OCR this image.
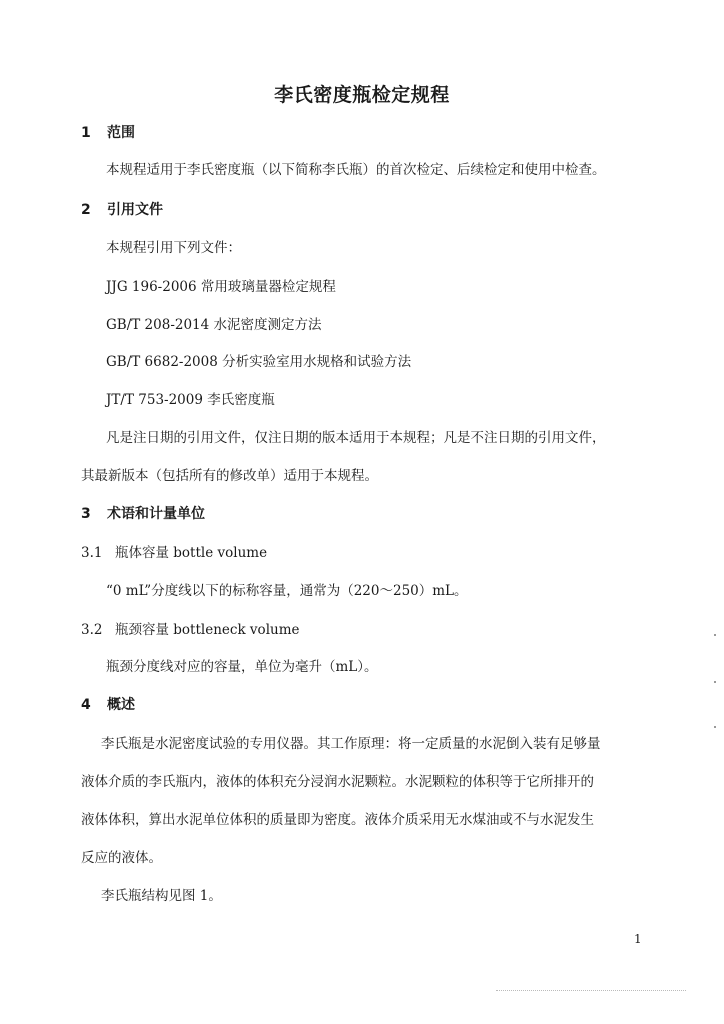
李氏密度瓶检定规程
1 范围
本规程适用于李氏密度瓶（以下简称李氏瓶）的首次检定、后续检定和使用中检查。
2 引用文件
本规程引用下列文件：
JJG 196-2006 常用玻璃量器检定规程
GB/T 208-2014 水泥密度测定方法
GB/T 6682-2008 分析实验室用水规格和试验方法
JT/T 753-2009 李氏密度瓶
凡是注日期的引用文件，仅注日期的版本适用于本规程；凡是不注日期的引用文件，
其最新版本（包括所有的修改单）适用于本规程。
3 术语和计量单位
3.1 瓶体容量 bottle volume
“0 mL”分度线以下的标称容量，通常为（220～250）mL。
3.2 瓶颈容量 bottleneck volume
瓶颈分度线对应的容量，单位为毫升（mL）。
4 概述
李氏瓶是水泥密度试验的专用仪器。其工作原理：将一定质量的水泥倒入装有足够量
液体介质的李氏瓶内，液体的体积充分浸润水泥颗粒。水泥颗粒的体积等于它所排开的
液体体积，算出水泥单位体积的质量即为密度。液体介质采用无水煤油或不与水泥发生
反应的液体。
李氏瓶结构见图 1。
1
